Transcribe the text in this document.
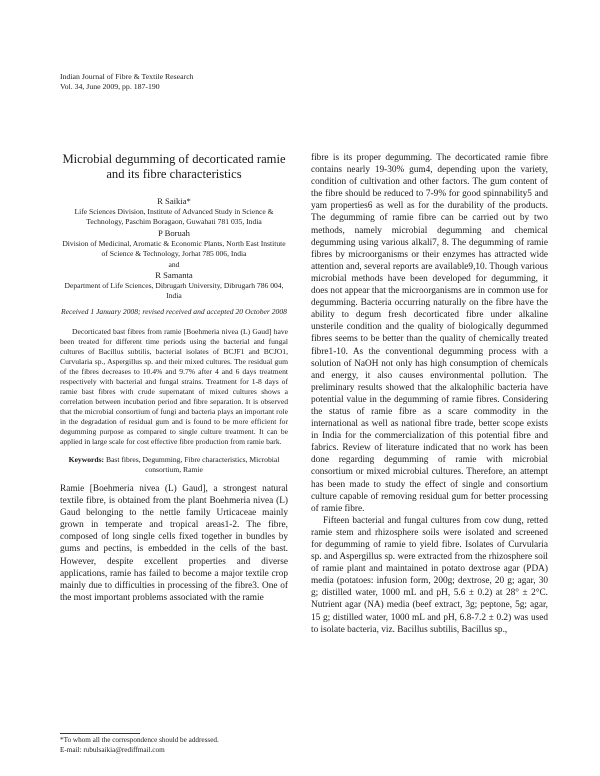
Indian Journal of Fibre & Textile Research
Vol. 34, June 2009, pp. 187-190
Microbial degumming of decorticated ramie and its fibre characteristics
R Saikia*
Life Sciences Division, Institute of Advanced Study in Science & Technology, Paschim Boragaon, Guwahati 781 035, India
P Boruah
Division of Medicinal, Aromatic & Economic Plants, North East Institute of Science & Technology, Jorhat 785 006, India
and
R Samanta
Department of Life Sciences, Dibrugarh University, Dibrugarh 786 004, India
Received 1 January 2008; revised received and accepted 20 October 2008

Decorticated bast fibres from ramie [Boehmeria nivea (L) Gaud] have been treated for different time periods using the bacterial and fungal cultures of Bacillus subtilis, bacterial isolates of BCJF1 and BCJO1, Curvularia sp., Aspergillus sp. and their mixed cultures. The residual gum of the fibres decreases to 10.4% and 9.7% after 4 and 6 days treatment respectively with bacterial and fungal strains. Treatment for 1-8 days of ramie bast fibres with crude supernatant of mixed cultures shows a correlation between incubation period and fibre separation. It is observed that the microbial consortium of fungi and bacteria plays an important role in the degradation of residual gum and is found to be more efficient for degumming purpose as compared to single culture treatment. It can be applied in large scale for cost effective fibre production from ramie bark.

Keywords: Bast fibres, Degumming, Fibre characteristics, Microbial consortium, Ramie

Ramie [Boehmeria nivea (L) Gaud], a strongest natural textile fibre, is obtained from the plant Boehmeria nivea (L) Gaud belonging to the nettle family Urticaceae mainly grown in temperate and tropical areas1-2. The fibre, composed of long single cells fixed together in bundles by gums and pectins, is embedded in the cells of the bast. However, despite excellent properties and diverse applications, ramie has failed to become a major textile crop mainly due to difficulties in processing of the fibre3. One of the most important problems associated with the ramie

fibre is its proper degumming. The decorticated ramie fibre contains nearly 19-30% gum4, depending upon the variety, condition of cultivation and other factors. The gum content of the fibre should be reduced to 7-9% for good spinnability5 and yam properties6 as well as for the durability of the products. The degumming of ramie fibre can be carried out by two methods, namely microbial degumming and chemical degumming using various alkali7, 8. The degumming of ramie fibres by microorganisms or their enzymes has attracted wide attention and, several reports are available9,10. Though various microbial methods have been developed for degumming, it does not appear that the microorganisms are in common use for degumming. Bacteria occurring naturally on the fibre have the ability to degum fresh decorticated fibre under alkaline unsterile condition and the quality of biologically degummed fibres seems to be better than the quality of chemically treated fibre1-10. As the conventional degumming process with a solution of NaOH not only has high consumption of chemicals and energy, it also causes environmental pollution. The preliminary results showed that the alkalophilic bacteria have potential value in the degumming of ramie fibres. Considering the status of ramie fibre as a scare commodity in the international as well as national fibre trade, better scope exists in India for the commercialization of this potential fibre and fabrics. Review of literature indicated that no work has been done regarding degumming of ramie with microbial consortium or mixed microbial cultures. Therefore, an attempt has been made to study the effect of single and consortium culture capable of removing residual gum for better processing of ramie fibre.

Fifteen bacterial and fungal cultures from cow dung, retted ramie stem and rhizosphere soils were isolated and screened for degumming of ramie to yield fibre. Isolates of Curvularia sp. and Aspergillus sp. were extracted from the rhizosphere soil of ramie plant and maintained in potato dextrose agar (PDA) media (potatoes: infusion form, 200g; dextrose, 20 g; agar, 30 g; distilled water, 1000 mL and pH, 5.6 ± 0.2) at 28° ± 2°C. Nutrient agar (NA) media (beef extract, 3g; peptone, 5g; agar, 15 g; distilled water, 1000 mL and pH, 6.8-7.2 ± 0.2) was used to isolate bacteria, viz. Bacillus subtilis, Bacillus sp.,

*To whom all the correspondence should be addressed.
E-mail: rubulsaikia@rediffmail.com
